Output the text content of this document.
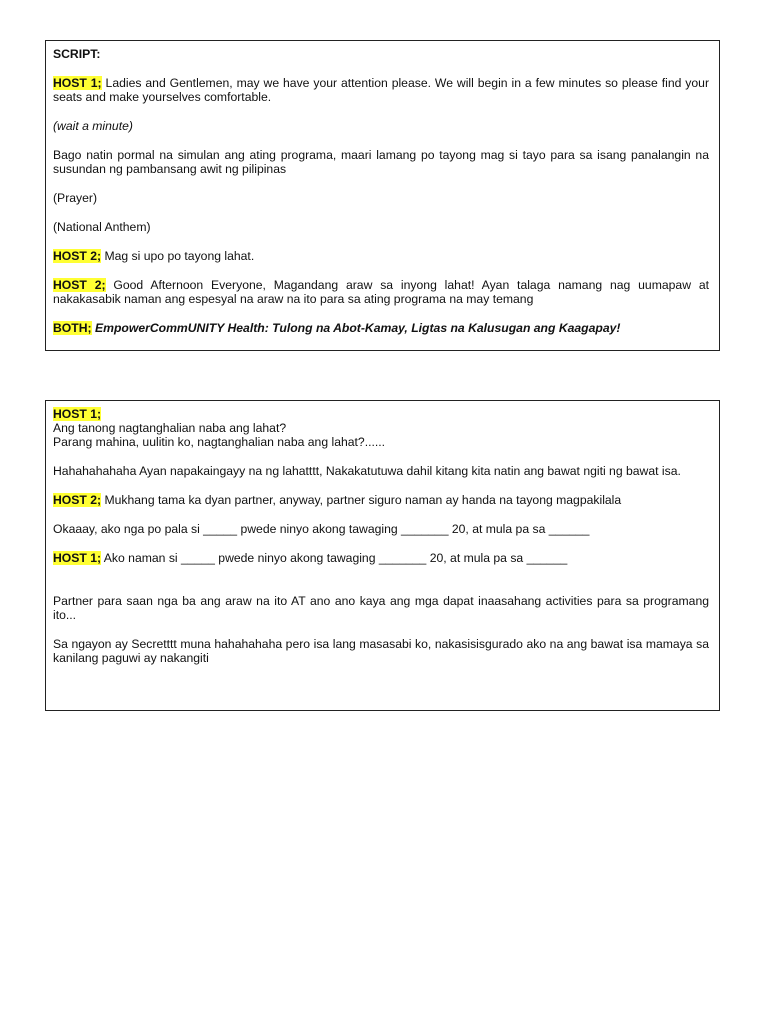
SCRIPT:

HOST 1; Ladies and Gentlemen, may we have your attention please. We will begin in a few minutes so please find your seats and make yourselves comfortable.

(wait a minute)

Bago natin pormal na simulan ang ating programa, maari lamang po tayong mag si tayo para sa isang panalangin na susundan ng pambansang awit ng pilipinas

(Prayer)

(National Anthem)

HOST 2; Mag si upo po tayong lahat.

HOST 2; Good Afternoon Everyone, Magandang araw sa inyong lahat! Ayan talaga namang nag uumapaw at nakakasabik naman ang espesyal na araw na ito para sa ating programa na may temang

BOTH; EmpowerCommUNITY Health: Tulong na Abot-Kamay, Ligtas na Kalusugan ang Kaagapay!

HOST 1;

Ang tanong nagtanghalian naba ang lahat?

Parang mahina, uulitin ko, nagtanghalian naba ang lahat?......

Hahahahahaha Ayan napakaingayy na ng lahatttt, Nakakatutuwa dahil kitang kita natin ang bawat ngiti ng bawat isa.

HOST 2; Mukhang tama ka dyan partner, anyway, partner siguro naman ay handa na tayong magpakilala

Okaaay, ako nga po pala si _____ pwede ninyo akong tawaging _______ 20, at mula pa sa ______

HOST 1; Ako naman si _____ pwede ninyo akong tawaging _______ 20, at mula pa sa ______

Partner para saan nga ba ang araw na ito AT ano ano kaya ang mga dapat inaasahang activities para sa programang ito...

Sa ngayon ay Secretttt muna hahahahaha pero isa lang masasabi ko, nakasisisgurado ako na ang bawat isa mamaya sa kanilang paguwi ay nakangiti
